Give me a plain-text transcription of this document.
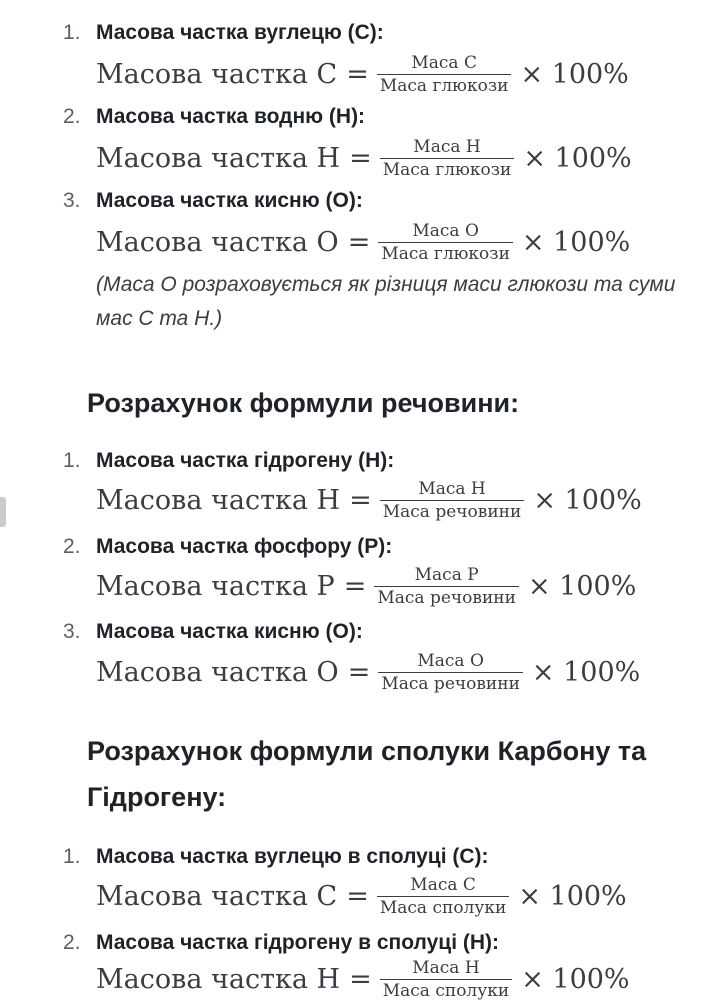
1. Масова частка вуглецю (C):
Масова частка $C = \frac{\text{Маса C}}{\text{Маса глюкози}} \times 100\%$
2. Масова частка водню (H):
Масова частка $H = \frac{\text{Маса H}}{\text{Маса глюкози}} \times 100\%$
3. Масова частка кисню (O):
Масова частка $O = \frac{\text{Маса O}}{\text{Маса глюкози}} \times 100\%$
(Маса O розраховується як різниця маси глюкози та суми мас C та H.)
Розрахунок формули речовини:
1. Масова частка гідрогену (H):
Масова частка $H = \frac{\text{Маса H}}{\text{Маса речовини}} \times 100\%$
2. Масова частка фосфору (P):
Масова частка $P = \frac{\text{Маса P}}{\text{Маса речовини}} \times 100\%$
3. Масова частка кисню (O):
Масова частка $O = \frac{\text{Маса O}}{\text{Маса речовини}} \times 100\%$
Розрахунок формули сполуки Карбону та Гідрогену:
1. Масова частка вуглецю в сполуці (C):
Масова частка $C = \frac{\text{Маса C}}{\text{Маса сполуки}} \times 100\%$
2. Масова частка гідрогену в сполуці (H):
Масова частка $H = \frac{\text{Маса H}}{\text{Маса сполуки}} \times 100\%$
